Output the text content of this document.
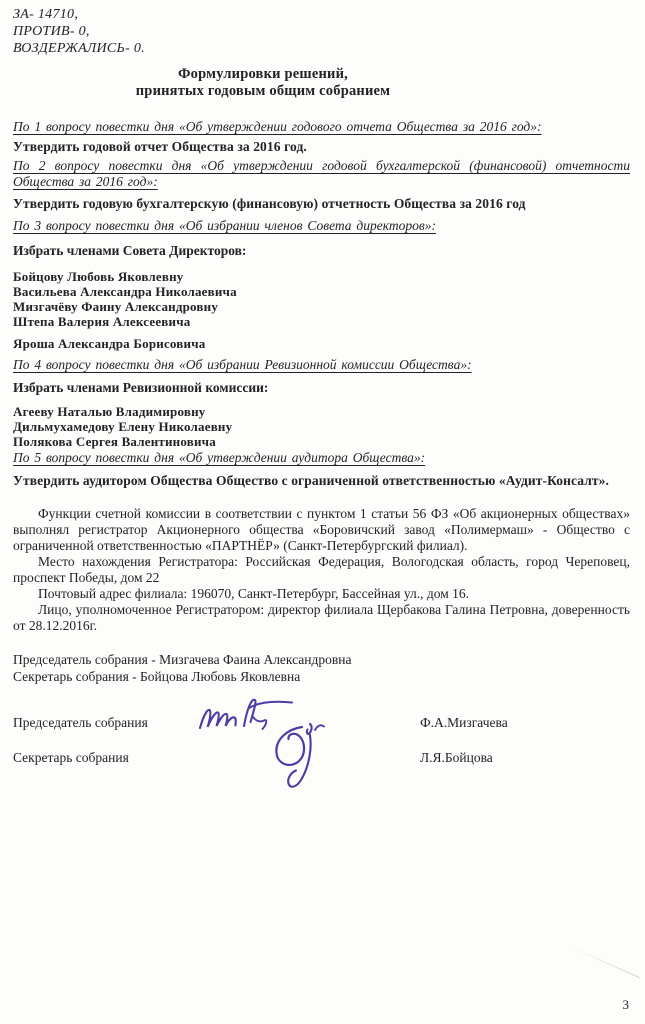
ЗА- 14710,
ПРОТИВ- 0,
ВОЗДЕРЖАЛИСЬ- 0.
Формулировки решений,
принятых годовым общим собранием
По 1 вопросу повестки дня «Об утверждении годового отчета Общества за 2016 год»:
Утвердить годовой отчет Общества за 2016 год.
По 2 вопросу повестки дня «Об утверждении годовой бухгалтерской (финансовой) отчетности Общества за 2016 год»:
Утвердить годовую бухгалтерскую (финансовую) отчетность Общества за 2016 год
По 3 вопросу повестки дня «Об избрании членов Совета директоров»:
Избрать членами Совета Директоров:
Бойцову Любовь Яковлевну
Васильева Александра Николаевича
Мизгачёву Фаину Александровну
Штепа Валерия Алексеевича
Яроша Александра Борисовича
По 4 вопросу повестки дня «Об избрании Ревизионной комиссии Общества»:
Избрать членами Ревизионной комиссии:
Агееву Наталью Владимировну
Дильмухамедову Елену Николаевну
Полякова Сергея Валентиновича
По 5 вопросу повестки дня «Об утверждении аудитора Общества»:
Утвердить аудитором Общества Общество с ограниченной ответственностью «Аудит-Консалт».

Функции счетной комиссии в соответствии с пунктом 1 статьи 56 ФЗ «Об акционерных обществах» выполнял регистратор Акционерного общества «Боровичский завод «Полимермаш» - Общество с ограниченной ответственностью «ПАРТНЁР» (Санкт-Петербургский филиал).

Место нахождения Регистратора: Российская Федерация, Вологодская область, город Череповец, проспект Победы, дом 22

Почтовый адрес филиала: 196070, Санкт-Петербург, Бассейная ул., дом 16.

Лицо, уполномоченное Регистратором: директор филиала Щербакова Галина Петровна, доверенность от 28.12.2016г.

Председатель собрания - Мизгачева Фаина Александровна
Секретарь собрания - Бойцова Любовь Яковлевна
Председатель собрания	Ф.А.Мизгачева
Секретарь собрания	Л.Я.Бойцова
3
